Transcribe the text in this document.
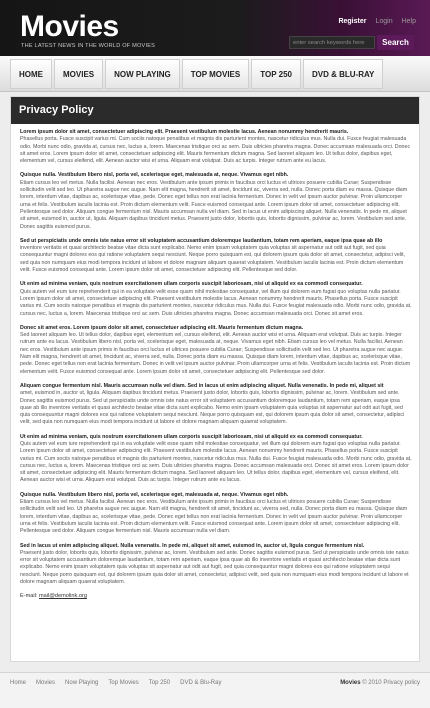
Movies
THE LATEST NEWS IN THE WORLD OF MOVIES
Register Login Help
enter search keywords here	Search
HOME	MOVIES	NOW PLAYING	TOP MOVIES	TOP 250	DVD & BLU-RAY
Privacy Policy
Lorem ipsum dolor sit amet, consectetuer adipiscing elit. Praesent vestibulum molestie lacus. Aenean nonummy hendrerit mauris.
Phasellus porta. Fusce suscipit varius mi. Cum sociis natoque penatibus et magnis dis parturient montes, nascetur ridiculus mus. Nulla dui. Fusce feugiat malesuada odio. Morbi nunc odio, gravida at, cursus nec, luctus a, lorem. Maecenas tristique orci ac sem. Duis ultricies pharetra magna. Donec accumsan malesuada orci. Donec sit amet eros. Lorem ipsum dolor sit amet, consectetuer adipiscing elit. Mauris fermentum dictum magna. Sed laoreet aliquam leo. Ut tellus dolor, dapibus eget, elementum vel, cursus eleifend, elit. Aenean auctor wisi et urna. Aliquam erat volutpat. Duis ac turpis. Integer rutrum ante eu lacus.
Quisque nulla. Vestibulum libero nisl, porta vel, scelerisque eget, malesuada at, neque. Vivamus eget nibh.
Etiam cursus leo vel metus. Nulla facilisi. Aenean nec eros. Vestibulum ante ipsum primis in faucibus orci luctus et ultrices posuere cubilia Curae; Suspendisse sollicitudin velit sed leo. Ut pharetra augue nec augue. Nam elit magna, hendrerit sit amet, tincidunt ac, viverra sed, nulla. Donec porta diam eu massa. Quisque diam lorem, interdum vitae, dapibus ac, scelerisque vitae, pede. Donec eget tellus non erat lacinia fermentum. Donec in velit vel ipsum auctor pulvinar. Proin ullamcorper urna et felis. Vestibulum iaculis lacinia est. Proin dictum elementum velit. Fusce euismod consequat ante. Lorem ipsum dolor sit amet, consectetuer adipiscing elit. Pellentesque sed dolor. Aliquam congue fermentum nisl. Mauris accumsan nulla vel diam. Sed in lacus ut enim adipiscing aliquet. Nulla venenatis. In pede mi, aliquet sit amet, euismod in, auctor ut, ligula. Aliquam dapibus tincidunt metus. Praesent justo dolor, lobortis quis, lobortis dignissim, pulvinar ac, lorem. Vestibulum sed ante. Donec sagittis euismod purus.
Sed ut perspiciatis unde omnis iste natus error sit voluptatem accusantium doloremque laudantium, totam rem aperiam, eaque ipsa quae ab illo
inventore veritatis et quasi architecto beatae vitae dicta sunt explicabo. Nemo enim ipsam voluptatem quia voluptas sit aspernatur aut odit aut fugit, sed quia consequuntur magni dolores eos qui ratione voluptatem sequi nesciunt. Neque porro quisquam est, qui dolorem ipsum quia dolor sit amet, consectetur, adipisci velit, sed quia non numquam eius modi tempora incidunt ut labore et dolore magnam aliquam quaerat voluptatem. Vestibulum iaculis lacinia est. Proin dictum elementum velit. Fusce euismod consequat ante. Lorem ipsum dolor sit amet, consectetuer adipiscing elit. Pellentesque sed dolor.
Ut enim ad minima veniam, quis nostrum exercitationem ullam corporis suscipit laboriosam, nisi ut aliquid ex ea commodi consequatur.
Quis autem vel eum iure reprehenderit qui in ea voluptate velit esse quam nihil molestiae consequatur, vel illum qui dolorem eum fugiat quo voluptas nulla pariatur. Lorem ipsum dolor sit amet, consectetuer adipiscing elit. Praesent vestibulum molestie lacus. Aenean nonummy hendrerit mauris. Phasellus porta. Fusce suscipit varius mi. Cum sociis natoque penatibus et magnis dis parturient montes, nascetur ridiculus mus. Nulla dui. Fusce feugiat malesuada odio. Morbi nunc odio, gravida at, cursus nec, luctus a, lorem. Maecenas tristique orci ac sem. Duis ultricies pharetra magna. Donec accumsan malesuada orci. Donec sit amet eros.
Donec sit amet eros. Lorem ipsum dolor sit amet, consectetuer adipiscing elit. Mauris fermentum dictum magna.
Sed laoreet aliquam leo. Ut tellus dolor, dapibus eget, elementum vel, cursus eleifend, elit. Aenean auctor wisi et urna. Aliquam erat volutpat. Duis ac turpis. Integer rutrum ante eu lacus. Vestibulum libero nisl, porta vel, scelerisque eget, malesuada at, neque. Vivamus eget nibh. Etiam cursus leo vel metus. Nulla facilisi. Aenean nec eros. Vestibulum ante ipsum primis in faucibus orci luctus et ultrices posuere cubilia Curae; Suspendisse sollicitudin velit sed leo. Ut pharetra augue nec augue. Nam elit magna, hendrerit sit amet, tincidunt ac, viverra sed, nulla. Donec porta diam eu massa. Quisque diam lorem, interdum vitae, dapibus ac, scelerisque vitae, pede. Donec eget tellus non erat lacinia fermentum. Donec in velit vel ipsum auctor pulvinar. Proin ullamcorper urna et felis. Vestibulum iaculis lacinia est. Proin dictum elementum velit. Fusce euismod consequat ante. Lorem ipsum dolor sit amet, consectetuer adipiscing elit. Pellentesque sed dolor.
Aliquam congue fermentum nisl. Mauris accumsan nulla vel diam. Sed in lacus ut enim adipiscing aliquet. Nulla venenatis. In pede mi, aliquet sit
amet, euismod in, auctor ut, ligula. Aliquam dapibus tincidunt metus. Praesent justo dolor, lobortis quis, lobortis dignissim, pulvinar ac, lorem. Vestibulum sed ante. Donec sagittis euismod purus. Sed ut perspiciatis unde omnis iste natus error sit voluptatem accusantium doloremque laudantium, totam rem aperiam, eaque ipsa quae ab illo inventore veritatis et quasi architecto beatae vitae dicta sunt explicabo. Nemo enim ipsam voluptatem quia voluptas sit aspernatur aut odit aut fugit, sed quia consequuntur magni dolores eos qui ratione voluptatem sequi nesciunt. Neque porro quisquam est, qui dolorem ipsum quia dolor sit amet, consectetur, adipisci velit, sed quia non numquam eius modi tempora incidunt ut labore et dolore magnam aliquam quaerat voluptatem.
Ut enim ad minima veniam, quis nostrum exercitationem ullam corporis suscipit laboriosam, nisi ut aliquid ex ea commodi consequatur.
Quis autem vel eum iure reprehenderit qui in ea voluptate velit esse quam nihil molestiae consequatur, vel illum qui dolorem eum fugiat quo voluptas nulla pariatur. Lorem ipsum dolor sit amet, consectetuer adipiscing elit. Praesent vestibulum molestie lacus. Aenean nonummy hendrerit mauris. Phasellus porta. Fusce suscipit varius mi. Cum sociis natoque penatibus et magnis dis parturient montes, nascetur ridiculus mus. Nulla dui. Fusce feugiat malesuada odio. Morbi nunc odio, gravida at, cursus nec, luctus a, lorem. Maecenas tristique orci ac sem. Duis ultricies pharetra magna. Donec accumsan malesuada orci. Donec sit amet eros. Lorem ipsum dolor sit amet, consectetuer adipiscing elit. Mauris fermentum dictum magna. Sed laoreet aliquam leo. Ut tellus dolor, dapibus eget, elementum vel, cursus eleifend, elit. Aenean auctor wisi et urna. Aliquam erat volutpat. Duis ac turpis. Integer rutrum ante eu lacus.
Quisque nulla. Vestibulum libero nisl, porta vel, scelerisque eget, malesuada at, neque. Vivamus eget nibh.
Etiam cursus leo vel metus. Nulla facilisi. Aenean nec eros. Vestibulum ante ipsum primis in faucibus orci luctus et ultrices posuere cubilia Curae; Suspendisse sollicitudin velit sed leo. Ut pharetra augue nec augue. Nam elit magna, hendrerit sit amet, tincidunt ac, viverra sed, nulla. Donec porta diam eu massa. Quisque diam lorem, interdum vitae, dapibus ac, scelerisque vitae, pede. Donec eget tellus non erat lacinia fermentum. Donec in velit vel ipsum auctor pulvinar. Proin ullamcorper urna et felis. Vestibulum iaculis lacinia est. Proin dictum elementum velit. Fusce euismod consequat ante. Lorem ipsum dolor sit amet, consectetuer adipiscing elit. Pellentesque sed dolor. Aliquam congue fermentum nisl. Mauris accumsan nulla vel diam.
Sed in lacus ut enim adipiscing aliquet. Nulla venenatis. In pede mi, aliquet sit amet, euismod in, auctor ut, ligula congue fermentum nisl.
Praesent justo dolor, lobortis quis, lobortis dignissim, pulvinar ac, lorem. Vestibulum sed ante. Donec sagittis euismod purus. Sed ut perspiciatis unde omnis iste natus error sit voluptatem accusantium doloremque laudantium, totam rem aperiam, eaque ipsa quae ab illo inventore veritatis et quasi architecto beatae vitae dicta sunt explicabo. Nemo enim ipsam voluptatem quia voluptas sit aspernatur aut odit aut fugit, sed quia consequuntur magni dolores eos qui ratione voluptatem sequi nesciunt. Neque porro quisquam est, qui dolorem ipsum quia dolor sit amet, consectetur, adipisci velit, sed quia non numquam eius modi tempora incidunt ut labore et dolore magnam aliquam quaerat voluptatem.
E-mail: mail@demolink.org
Home Movies Now Playing Top Movies Top 250 DVD & Blu-Ray	Movies © 2010 Privacy policy
